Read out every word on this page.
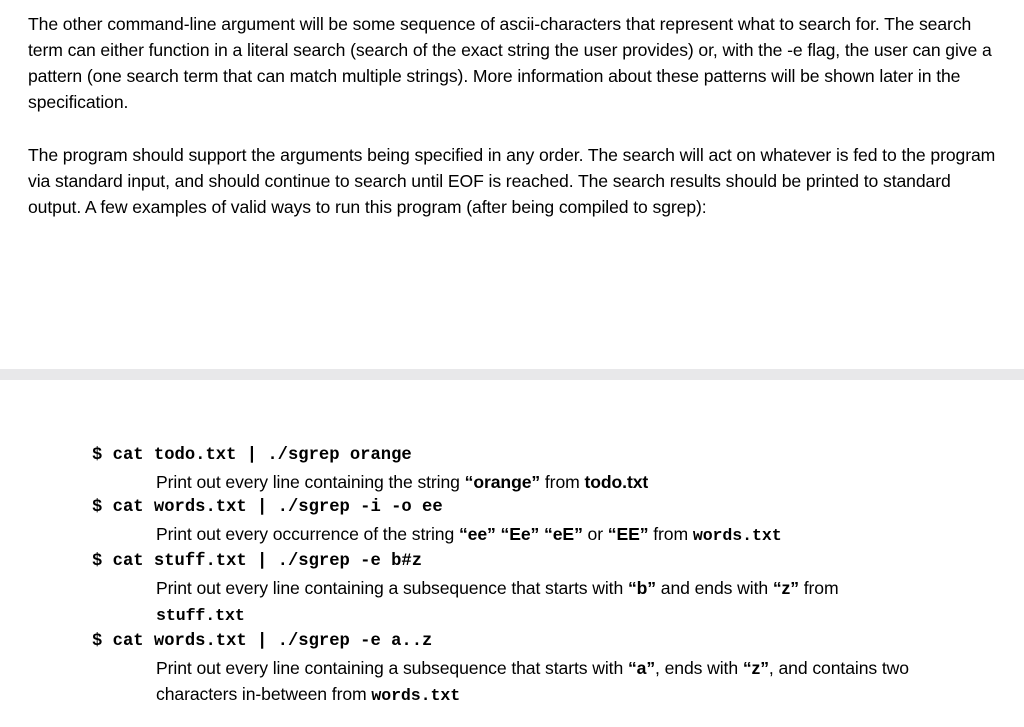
The other command-line argument will be some sequence of ascii-characters that represent what to search for. The search term can either function in a literal search (search of the exact string the user provides) or, with the -e flag, the user can give a pattern (one search term that can match multiple strings). More information about these patterns will be shown later in the specification.

The program should support the arguments being specified in any order. The search will act on whatever is fed to the program via standard input, and should continue to search until EOF is reached. The search results should be printed to standard output. A few examples of valid ways to run this program (after being compiled to sgrep):

$ cat todo.txt | ./sgrep orange
Print out every line containing the string “orange” from todo.txt
$ cat words.txt | ./sgrep -i -o ee
Print out every occurrence of the string “ee” “Ee” “eE” or “EE” from words.txt
$ cat stuff.txt | ./sgrep -e b#z
Print out every line containing a subsequence that starts with “b” and ends with “z” from
stuff.txt
$ cat words.txt | ./sgrep -e a..z
Print out every line containing a subsequence that starts with “a”, ends with “z”, and contains two characters in-between from words.txt
